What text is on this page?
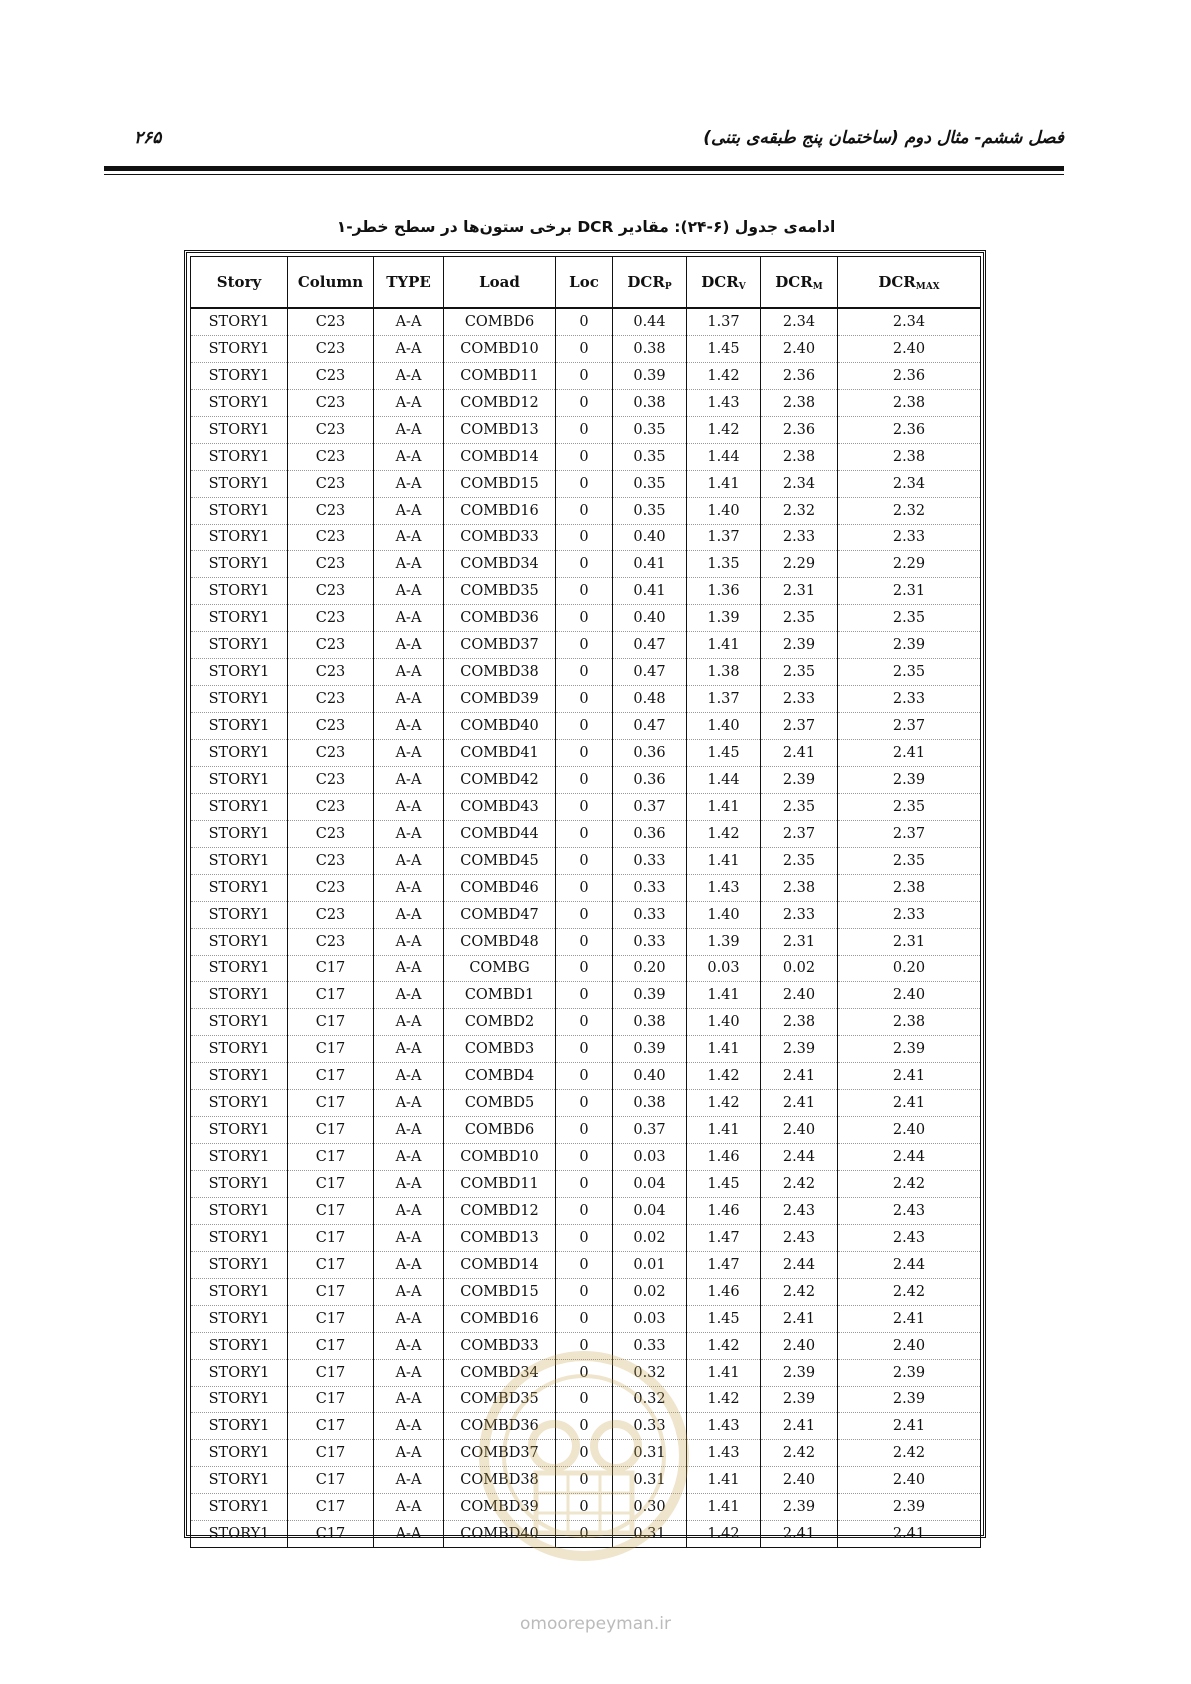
فصل ششم- مثال دوم (ساختمان پنج طبقه‌ی بتنی)
۲۶۵
ادامه‌ی جدول (۶-۲۴): مقادیر DCR برخی ستون‌ها در سطح خطر-۱
Story	Column	TYPE	Load	Loc	$DCR_P$	$DCR_V$	$DCR_M$	$DCR_{MAX}$
STORY1	C23	A-A	COMBD6	0	0.44	1.37	2.34	2.34
STORY1	C23	A-A	COMBD10	0	0.38	1.45	2.40	2.40
STORY1	C23	A-A	COMBD11	0	0.39	1.42	2.36	2.36
STORY1	C23	A-A	COMBD12	0	0.38	1.43	2.38	2.38
STORY1	C23	A-A	COMBD13	0	0.35	1.42	2.36	2.36
STORY1	C23	A-A	COMBD14	0	0.35	1.44	2.38	2.38
STORY1	C23	A-A	COMBD15	0	0.35	1.41	2.34	2.34
STORY1	C23	A-A	COMBD16	0	0.35	1.40	2.32	2.32
STORY1	C23	A-A	COMBD33	0	0.40	1.37	2.33	2.33
STORY1	C23	A-A	COMBD34	0	0.41	1.35	2.29	2.29
STORY1	C23	A-A	COMBD35	0	0.41	1.36	2.31	2.31
STORY1	C23	A-A	COMBD36	0	0.40	1.39	2.35	2.35
STORY1	C23	A-A	COMBD37	0	0.47	1.41	2.39	2.39
STORY1	C23	A-A	COMBD38	0	0.47	1.38	2.35	2.35
STORY1	C23	A-A	COMBD39	0	0.48	1.37	2.33	2.33
STORY1	C23	A-A	COMBD40	0	0.47	1.40	2.37	2.37
STORY1	C23	A-A	COMBD41	0	0.36	1.45	2.41	2.41
STORY1	C23	A-A	COMBD42	0	0.36	1.44	2.39	2.39
STORY1	C23	A-A	COMBD43	0	0.37	1.41	2.35	2.35
STORY1	C23	A-A	COMBD44	0	0.36	1.42	2.37	2.37
STORY1	C23	A-A	COMBD45	0	0.33	1.41	2.35	2.35
STORY1	C23	A-A	COMBD46	0	0.33	1.43	2.38	2.38
STORY1	C23	A-A	COMBD47	0	0.33	1.40	2.33	2.33
STORY1	C23	A-A	COMBD48	0	0.33	1.39	2.31	2.31
STORY1	C17	A-A	COMBG	0	0.20	0.03	0.02	0.20
STORY1	C17	A-A	COMBD1	0	0.39	1.41	2.40	2.40
STORY1	C17	A-A	COMBD2	0	0.38	1.40	2.38	2.38
STORY1	C17	A-A	COMBD3	0	0.39	1.41	2.39	2.39
STORY1	C17	A-A	COMBD4	0	0.40	1.42	2.41	2.41
STORY1	C17	A-A	COMBD5	0	0.38	1.42	2.41	2.41
STORY1	C17	A-A	COMBD6	0	0.37	1.41	2.40	2.40
STORY1	C17	A-A	COMBD10	0	0.03	1.46	2.44	2.44
STORY1	C17	A-A	COMBD11	0	0.04	1.45	2.42	2.42
STORY1	C17	A-A	COMBD12	0	0.04	1.46	2.43	2.43
STORY1	C17	A-A	COMBD13	0	0.02	1.47	2.43	2.43
STORY1	C17	A-A	COMBD14	0	0.01	1.47	2.44	2.44
STORY1	C17	A-A	COMBD15	0	0.02	1.46	2.42	2.42
STORY1	C17	A-A	COMBD16	0	0.03	1.45	2.41	2.41
STORY1	C17	A-A	COMBD33	0	0.33	1.42	2.40	2.40
STORY1	C17	A-A	COMBD34	0	0.32	1.41	2.39	2.39
STORY1	C17	A-A	COMBD35	0	0.32	1.42	2.39	2.39
STORY1	C17	A-A	COMBD36	0	0.33	1.43	2.41	2.41
STORY1	C17	A-A	COMBD37	0	0.31	1.43	2.42	2.42
STORY1	C17	A-A	COMBD38	0	0.31	1.41	2.40	2.40
STORY1	C17	A-A	COMBD39	0	0.30	1.41	2.39	2.39
STORY1	C17	A-A	COMBD40	0	0.31	1.42	2.41	2.41
omoorepeyman.ir
